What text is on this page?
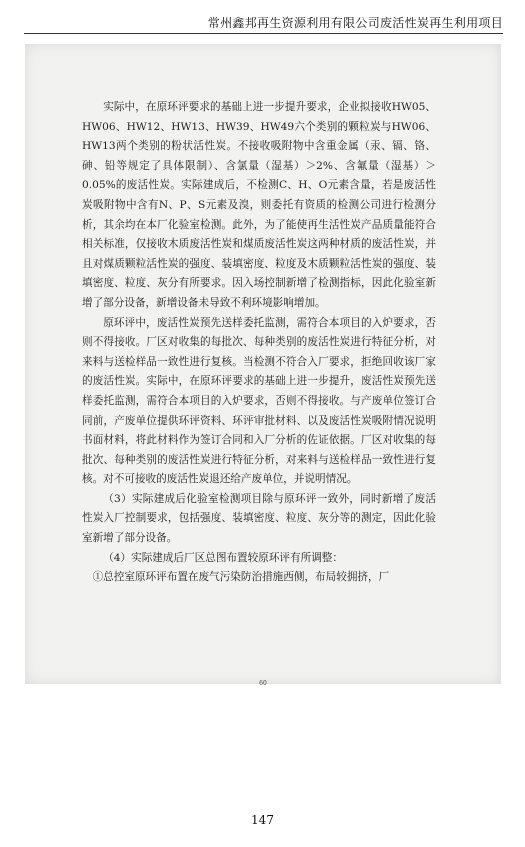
常州鑫邦再生资源利用有限公司废活性炭再生利用项目
60

实际中，在原环评要求的基础上进一步提升要求，企业拟接收HW05、HW06、HW12、HW13、HW39、HW49六个类别的颗粒炭与HW06、HW13两个类别的粉状活性炭。不接收吸附物中含重金属（汞、镉、铬、砷、铅等规定了具体限制）、含氯量（湿基）＞2%、含氟量（湿基）＞0.05%的废活性炭。实际建成后，不检测C、H、O元素含量，若是废活性炭吸附物中含有N、P、S元素及溴，则委托有资质的检测公司进行检测分析，其余均在本厂化验室检测。此外，为了能使再生活性炭产品质量能符合相关标准，仅接收木质废活性炭和煤质废活性炭这两种材质的废活性炭，并且对煤质颗粒活性炭的强度、装填密度、粒度及木质颗粒活性炭的强度、装填密度、粒度、灰分有所要求。因入场控制新增了检测指标，因此化验室新增了部分设备，新增设备未导致不利环境影响增加。

原环评中，废活性炭预先送样委托监测，需符合本项目的入炉要求，否则不得接收。厂区对收集的每批次、每种类别的废活性炭进行特征分析，对来料与送检样品一致性进行复核。当检测不符合入厂要求，拒绝回收该厂家的废活性炭。实际中，在原环评要求的基础上进一步提升，废活性炭预先送样委托监测，需符合本项目的入炉要求，否则不得接收。与产废单位签订合同前，产废单位提供环评资料、环评审批材料、以及废活性炭吸附情况说明书面材料，将此材料作为签订合同和入厂分析的佐证依据。厂区对收集的每批次、每种类别的废活性炭进行特征分析，对来料与送检样品一致性进行复核。对不可接收的废活性炭退还给产废单位，并说明情况。

（3）实际建成后化验室检测项目除与原环评一致外，同时新增了废活性炭入厂控制要求，包括强度、装填密度、粒度、灰分等的测定，因此化验室新增了部分设备。

（4）实际建成后厂区总图布置较原环评有所调整：

①总控室原环评布置在废气污染防治措施西侧，布局较拥挤，厂

147
